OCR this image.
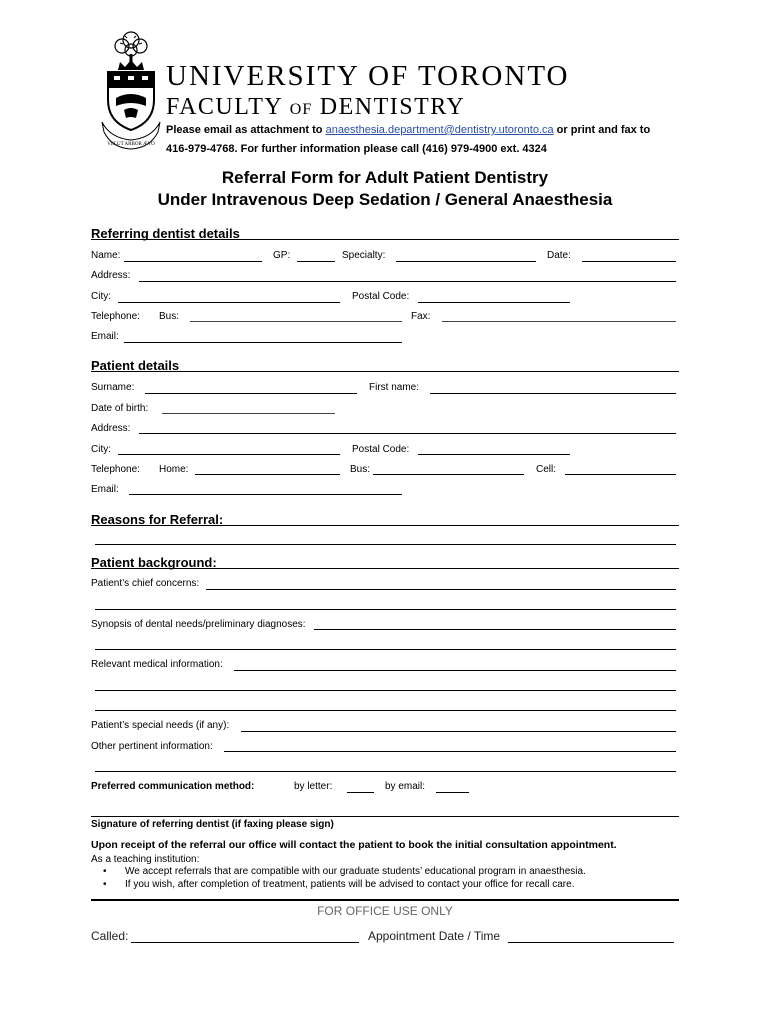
VELUT ARBOR ÆVO
UNIVERSITY OF TORONTO
FACULTY OF DENTISTRY
Please email as attachment to anaesthesia.department@dentistry.utoronto.ca or print and fax to
416-979-4768. For further information please call (416) 979-4900 ext. 4324
Referral Form for Adult Patient Dentistry
Under Intravenous Deep Sedation / General Anaesthesia
Referring dentist details
Name:	GP:	Specialty:	Date:
Address:
City:	Postal Code:
Telephone: Bus:	Fax:
Email:
Patient details
Surname:	First name:
Date of birth:
Address:
City:	Postal Code:
Telephone: Home:	Bus:	Cell:
Email:
Reasons for Referral:
Patient background:
Patient’s chief concerns:
Synopsis of dental needs/preliminary diagnoses:
Relevant medical information:
Patient’s special needs (if any):
Other pertinent information:
Preferred communication method:	by letter:	by email:
Signature of referring dentist (if faxing please sign)
Upon receipt of the referral our office will contact the patient to book the initial consultation appointment.
As a teaching institution:
• We accept referrals that are compatible with our graduate students’ educational program in anaesthesia.
• If you wish, after completion of treatment, patients will be advised to contact your office for recall care.
FOR OFFICE USE ONLY
Called:	Appointment Date / Time
